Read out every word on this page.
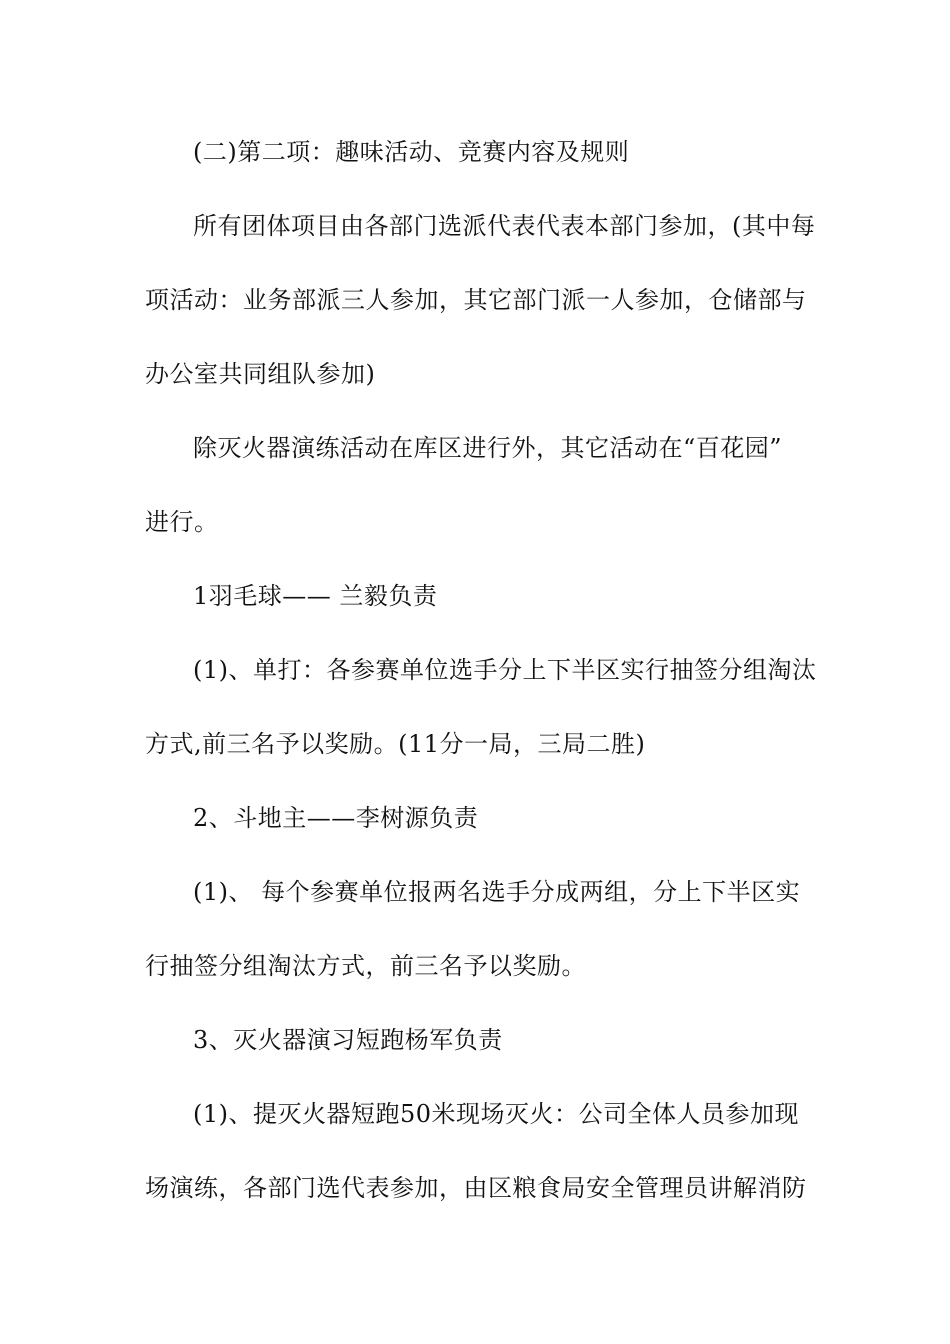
(二)第二项：趣味活动、竞赛内容及规则
所有团体项目由各部门选派代表代表本部门参加，(其中每
项活动：业务部派三人参加，其它部门派一人参加，仓储部与
办公室共同组队参加)
除灭火器演练活动在库区进行外，其它活动在“百花园”
进行。
1羽毛球—— 兰毅负责
(1)、单打：各参赛单位选手分上下半区实行抽签分组淘汰
方式,前三名予以奖励。(11分一局，三局二胜)
2、斗地主——李树源负责
(1)、 每个参赛单位报两名选手分成两组，分上下半区实
行抽签分组淘汰方式，前三名予以奖励。
3、灭火器演习短跑杨军负责
(1)、提灭火器短跑50米现场灭火：公司全体人员参加现
场演练，各部门选代表参加，由区粮食局安全管理员讲解消防
